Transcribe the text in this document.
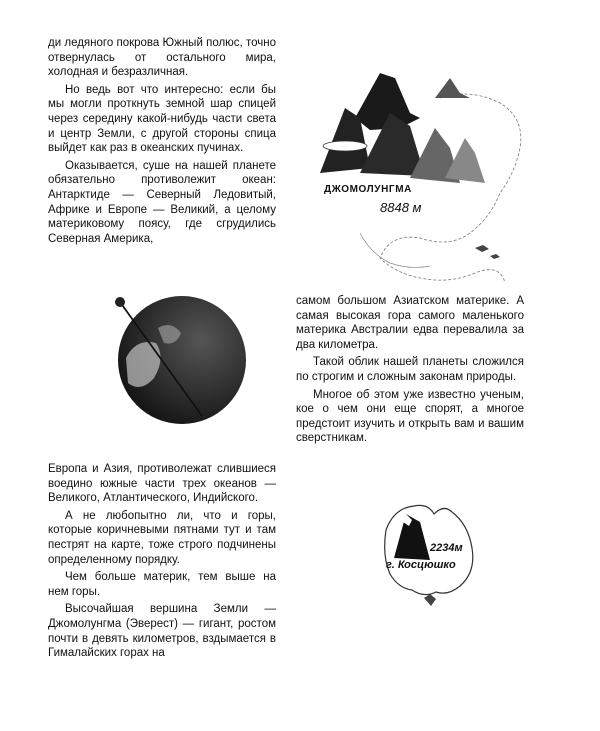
ди ледяного покрова Южный полюс, точно отвернулась от остального мира, холодная и безразличная.

Но ведь вот что интересно: если бы мы могли проткнуть земной шар спицей через середину какой-нибудь части света и центр Земли, с другой стороны спица выйдет как раз в океанских пучинах.

Оказывается, суше на нашей планете обязательно противолежит океан: Антарктиде — Северный Ледовитый, Африке и Европе — Великий, а целому материковому поясу, где сгрудились Северная Америка,

самом большом Азиатском материке. А самая высокая гора самого маленького материка Австралии едва перевалила за два километра.

Такой облик нашей планеты сложился по строгим и сложным законам природы.

Многое об этом уже известно ученым, кое о чем они еще спорят, а многое предстоит изучить и открыть вам и вашим сверстникам.

Европа и Азия, противолежат слившиеся воедино южные части трех океанов — Великого, Атлантического, Индийского.

А не любопытно ли, что и горы, которые коричневыми пятнами тут и там пестрят на карте, тоже строго подчинены определенному порядку.

Чем больше материк, тем выше на нем горы.

Высочайшая вершина Земли — Джомолунгма (Эверест) — гигант, ростом почти в девять километров, вздымается в Гималайских горах на

ДЖОМОЛУНГМА
8848 м
2234м
г. Косцюшко
